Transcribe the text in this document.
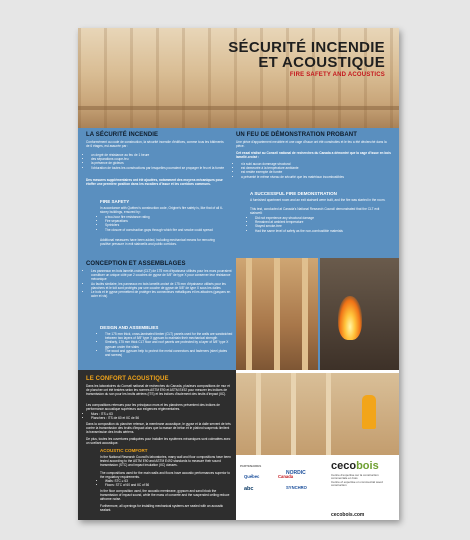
SÉCURITÉ INCENDIE
ET ACOUSTIQUE
FIRE SAFETY AND ACOUSTICS
LA SÉCURITÉ INCENDIE
Conformément au code de construction, la sécurité incendie d'édifices, comme tous les bâtiments de 6 étages, est assurée par :
• un degré de résistance au feu de 1 heure
• des séparations coupe-feu
• la présence de gicleurs
• l'obturation de toutes les constructions par lesquelles pourraient se propager le feu et la fumée
Des mesures supplémentaires ont été ajoutées, notamment des moyens mécaniques pour étoffer une première position dans les escaliers d'issue et les corridors communs.
FIRE SAFETY
In accordance with Québec's construction code, Origine's fire safety is, like that of all 6-storey buildings, ensured by:
• a two-hour fire resistance rating
• Fire separations
• Sprinklers
• The closure of construction gaps through which fire and smoke could spread
Additional measures have been added, including mechanical means for removing positive pressure in exit stairwells and public corridors.
UN FEU DE DÉMONSTRATION PROBANT
Une pièce d'appartement meublée et une cage d'issue ont été construites et le feu a été déclenché dans la pièce.
Cet essai réalisé au Conseil national de recherches du Canada a démontré que la cage d'issue en bois lamellé-croisé :
• n'a subi aucun dommage structural
• est demeurée à la température ambiante
• est restée exempte de fumée
• a présenté le même niveau de sécurité que les matériaux incombustibles
A SUCCESSFUL FIRE DEMONSTRATION
A furnished apartment room and an exit stairwell were built, and the fire was started in the room.
This test, conducted at Canada's National Research Council demonstrated that the CLT exit stairwell:
• Did not experience any structural damage
• Remained at ambient temperature
• Stayed smoke-free
• Had the same level of safety as the non-combustible materials
CONCEPTION ET ASSEMBLAGES
• Les panneaux en bois lamellé-croisé (CLT) de 175 mm d'épaisseur utilisés pour les murs pourraient constituer un unique côté par 2 couches de gypse de 5/8" de type X pour conserver leur résistance mécanique
• Au faciès similaire, les panneaux en bois lamellé-croisé de 175 mm d'épaisseur utilisés pour les planchers et le toit sont protégés par une couche de gypse de 5/8" de type X sous les dalles
• Le bois et le gypse permettent de protéger les connecteurs métalliques et les attaches (gaspars en acier et vis)
DESIGN AND ASSEMBLIES
• The 175 mm thick, cross-laminated timber (CLT) panels used for the walls are sandwiched between two layers of 5/8" type X gypsum to maintain their mechanical strength
• Similarly, 175 mm thick CLT floor and roof panels are protected by a layer of 5/8" type X gypsum under the slabs
• The wood and gypsum help to protect the metal connectors and fasteners (steel plates and screws)
LE CONFORT ACOUSTIQUE
Dans les laboratoires du Conseil national de recherches du Canada, plusieurs compositions de mur et de plancher ont été testées selon les normes ASTM E90 et ASTM E492 pour mesurer les indices de transmission du son pour les bruits aériens (ITS) et les indices d'isolement des bruits d'impact (IIC).
Les compositions retenues pour les principaux murs et les planchers présentent des indices de performance acoustique supérieurs aux exigences réglementaires.
• Murs : ITS ≥ 63
• Planchers : ITS de 60 et IIC de 56
Dans la composition du plancher retenue, la membrane acoustique, le gypse et la dalle servent de très contre la transmission des bruits d'impact alors que la masse de béton et le plafond suspendu limitent la transmission des bruits aériens.
De plus, toutes les ouvertures pratiquées pour installer les systèmes mécaniques sont colmatées avec un scellant acoustique.
ACOUSTIC COMFORT
In the National Research Council's laboratories, many wall and floor compositions have been tested according to the ASTM E90 and ASTM E492 standards to measure their sound transmission (STC) and impact insulation (IIC) classes.
The compositions used for the main walls and floors have acoustic performances superior to the regulatory requirements.
• Walls: STC ≥ 63
• Floors: STC of 60 and IIC of 56
In the floor composition used, the acoustic membrane, gypsum and sand block the transmission of impact sound, while the mass of concrete and the suspended ceiling reduce airborne noise.
Furthermore, all openings for installing mechanical systems are sealed with an acoustic sealant.
PARTENAIRES
Québec	Canada
NORDIC
SYNCHRO
abc
cecobois
Centre d'expertise sur la construction commerciale en bois
Centre of expertise on commercial wood construction
cecobois.com
